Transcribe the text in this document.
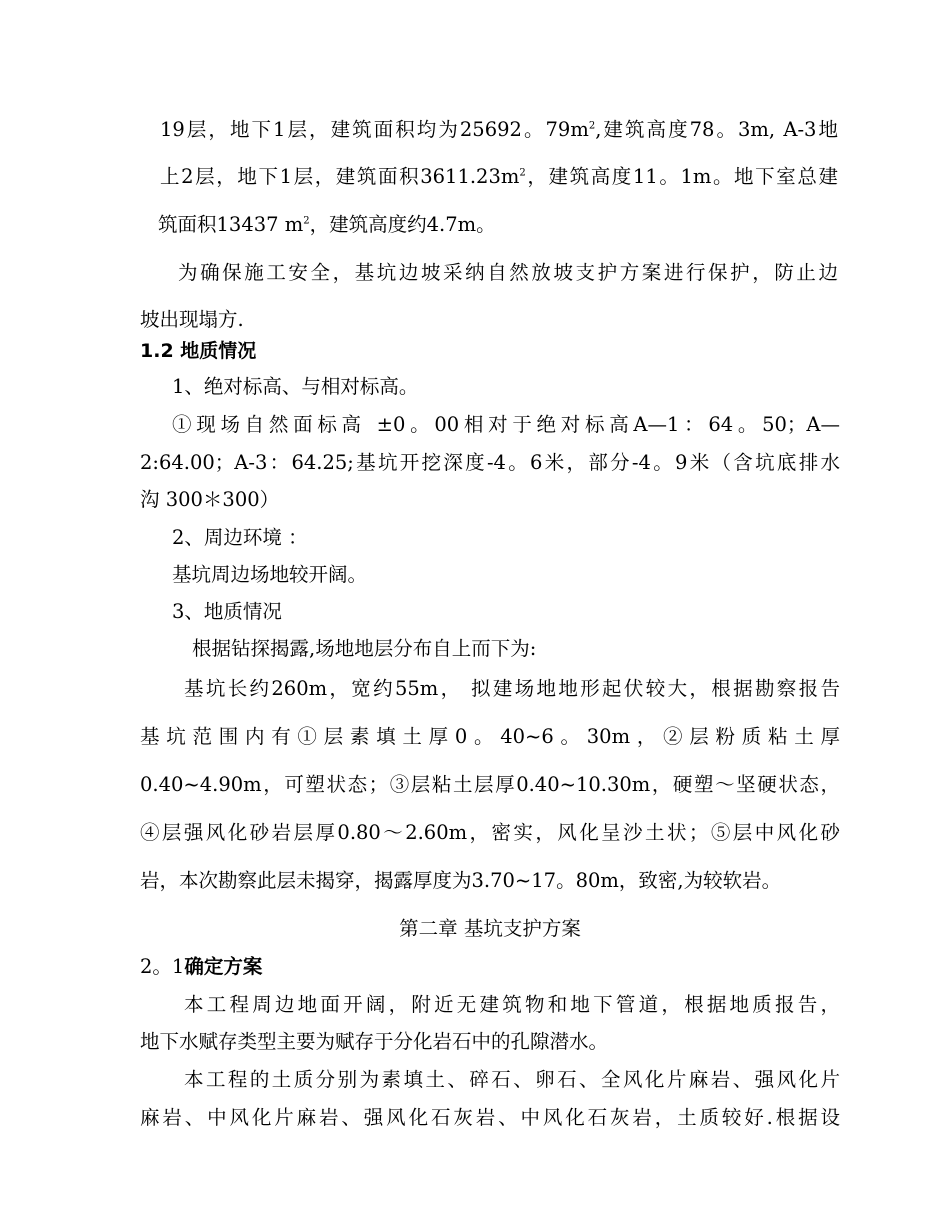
19层，地下1层，建筑面积均为25692。$79m^2$,建筑高度78。3m, A-3地
上2层，地下1层，建筑面积$3611.23m^2$，建筑高度11。1m。地下室总建
筑面积13437 $m^2$，建筑高度约4.7m。
为确保施工安全，基坑边坡采纳自然放坡支护方案进行保护，防止边
坡出现塌方.
1.2 地质情况
1、绝对标高、与相对标高。
①现场自然面标高 ±0。00相对于绝对标高A—1：64。50；A—
2:64.00；A-3：64.25;基坑开挖深度-4。6米，部分-4。9米（含坑底排水
沟 300＊300）
2、周边环境 ：
基坑周边场地较开阔。
3、地质情况
根据钻探揭露,场地地层分布自上而下为:
基坑长约260m，宽约55m， 拟建场地地形起伏较大，根据勘察报告
基坑范围内有①层素填土厚0。40~6。30m，②层粉质粘土厚
0.40~4.90m，可塑状态；③层粘土层厚0.40~10.30m，硬塑～坚硬状态，
④层强风化砂岩层厚0.80～2.60m，密实，风化呈沙土状；⑤层中风化砂
岩，本次勘察此层未揭穿，揭露厚度为3.70~17。80m，致密,为较软岩。
第二章 基坑支护方案
2。1确定方案
本工程周边地面开阔，附近无建筑物和地下管道，根据地质报告，
地下水赋存类型主要为赋存于分化岩石中的孔隙潜水。
本工程的土质分别为素填土、碎石、卵石、全风化片麻岩、强风化片
麻岩、中风化片麻岩、强风化石灰岩、中风化石灰岩，土质较好.根据设
